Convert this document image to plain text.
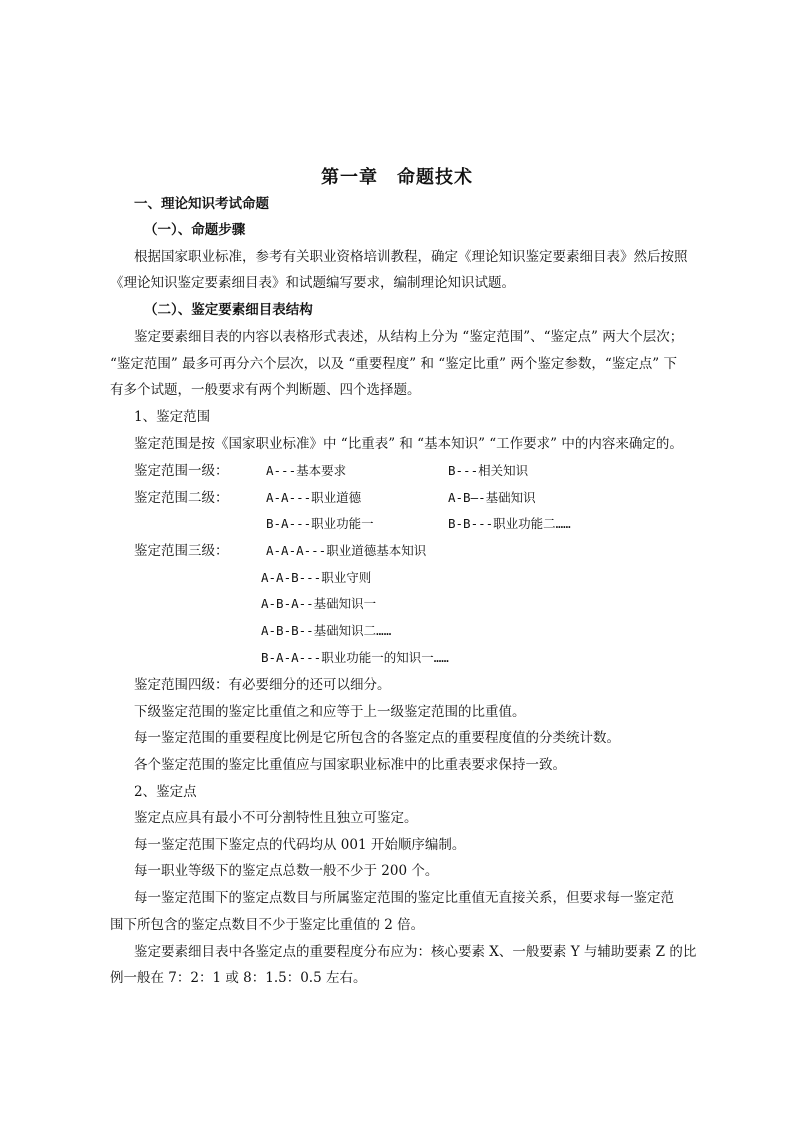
第一章　命题技术
一、理论知识考试命题
（一）、命题步骤
根据国家职业标准，参考有关职业资格培训教程，确定《理论知识鉴定要素细目表》然后按照
《理论知识鉴定要素细目表》和试题编写要求，编制理论知识试题。
（二）、鉴定要素细目表结构
鉴定要素细目表的内容以表格形式表述，从结构上分为 “鉴定范围”、“鉴定点” 两大个层次；
“鉴定范围” 最多可再分六个层次，以及 “重要程度” 和 “鉴定比重” 两个鉴定参数，“鉴定点” 下
有多个试题，一般要求有两个判断题、四个选择题。
1、鉴定范围
鉴定范围是按《国家职业标准》中 “比重表” 和 “基本知识” “工作要求” 中的内容来确定的。
鉴定范围一级：	A---基本要求	B---相关知识
鉴定范围二级：	A-A---职业道德	A-B—-基础知识
B-A---职业功能一	B-B---职业功能二……
鉴定范围三级：	A-A-A---职业道德基本知识
A-A-B---职业守则
A-B-A--基础知识一
A-B-B--基础知识二……
B-A-A---职业功能一的知识一……
鉴定范围四级：有必要细分的还可以细分。
下级鉴定范围的鉴定比重值之和应等于上一级鉴定范围的比重值。
每一鉴定范围的重要程度比例是它所包含的各鉴定点的重要程度值的分类统计数。
各个鉴定范围的鉴定比重值应与国家职业标准中的比重表要求保持一致。
2、鉴定点
鉴定点应具有最小不可分割特性且独立可鉴定。
每一鉴定范围下鉴定点的代码均从 001 开始顺序编制。
每一职业等级下的鉴定点总数一般不少于 200 个。
每一鉴定范围下的鉴定点数目与所属鉴定范围的鉴定比重值无直接关系，但要求每一鉴定范
围下所包含的鉴定点数目不少于鉴定比重值的 2 倍。
鉴定要素细目表中各鉴定点的重要程度分布应为：核心要素 X、一般要素 Y 与辅助要素 Z 的比
例一般在 7：2：1 或 8：1.5：0.5 左右。
